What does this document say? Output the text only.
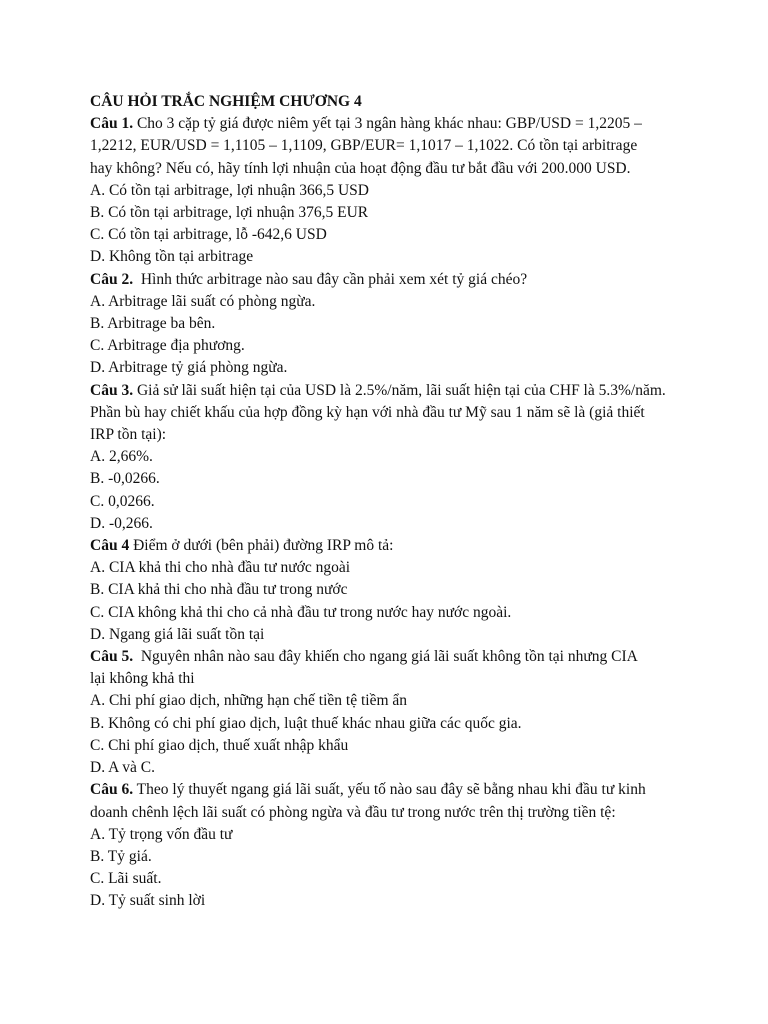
CÂU HỎI TRẮC NGHIỆM CHƯƠNG 4
Câu 1. Cho 3 cặp tỷ giá được niêm yết tại 3 ngân hàng khác nhau: GBP/USD = 1,2205 –
1,2212, EUR/USD = 1,1105 – 1,1109, GBP/EUR= 1,1017 – 1,1022. Có tồn tại arbitrage
hay không? Nếu có, hãy tính lợi nhuận của hoạt động đầu tư bắt đầu với 200.000 USD.
A. Có tồn tại arbitrage, lợi nhuận 366,5 USD
B. Có tồn tại arbitrage, lợi nhuận 376,5 EUR
C. Có tồn tại arbitrage, lỗ -642,6 USD
D. Không tồn tại arbitrage
Câu 2.  Hình thức arbitrage nào sau đây cần phải xem xét tỷ giá chéo?
A. Arbitrage lãi suất có phòng ngừa.
B. Arbitrage ba bên.
C. Arbitrage địa phương.
D. Arbitrage tỷ giá phòng ngừa.
Câu 3. Giả sử lãi suất hiện tại của USD là 2.5%/năm, lãi suất hiện tại của CHF là 5.3%/năm.
Phần bù hay chiết khấu của hợp đồng kỳ hạn với nhà đầu tư Mỹ sau 1 năm sẽ là (giả thiết
IRP tồn tại):
A. 2,66%.
B. -0,0266.
C. 0,0266.
D. -0,266.
Câu 4 Điểm ở dưới (bên phải) đường IRP mô tả:
A. CIA khả thi cho nhà đầu tư nước ngoài
B. CIA khả thi cho nhà đầu tư trong nước
C. CIA không khả thi cho cả nhà đầu tư trong nước hay nước ngoài.
D. Ngang giá lãi suất tồn tại
Câu 5.  Nguyên nhân nào sau đây khiến cho ngang giá lãi suất không tồn tại nhưng CIA
lại không khả thi
A. Chi phí giao dịch, những hạn chế tiền tệ tiềm ẩn
B. Không có chi phí giao dịch, luật thuế khác nhau giữa các quốc gia.
C. Chi phí giao dịch, thuế xuất nhập khẩu
D. A và C.
Câu 6. Theo lý thuyết ngang giá lãi suất, yếu tố nào sau đây sẽ bằng nhau khi đầu tư kinh
doanh chênh lệch lãi suất có phòng ngừa và đầu tư trong nước trên thị trường tiền tệ:
A. Tỷ trọng vốn đầu tư
B. Tỷ giá.
C. Lãi suất.
D. Tỷ suất sinh lời
